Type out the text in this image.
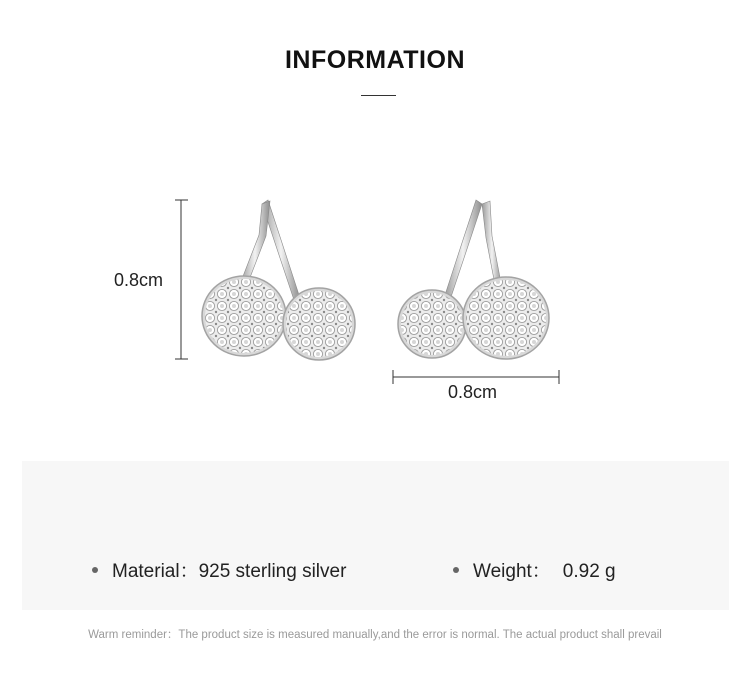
INFORMATION
0.8cm
0.8cm
Material：925 sterling silver	Weight： 0.92 g
Warm reminder：The product size is measured manually,and the error is normal. The actual product shall prevail
